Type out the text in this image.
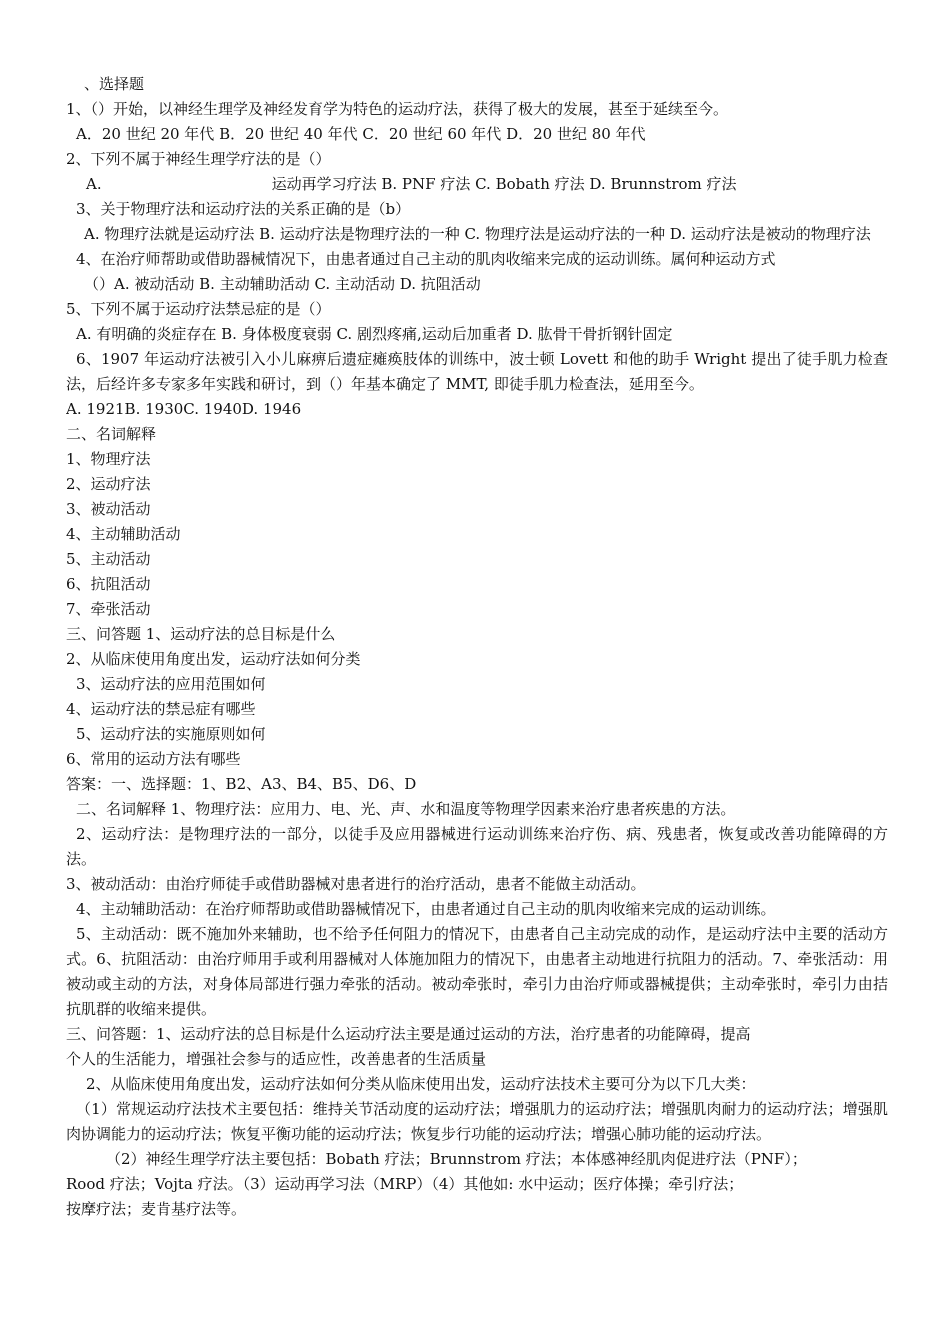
、选择题
1、（）开始，以神经生理学及神经发育学为特色的运动疗法，获得了极大的发展，甚至于延续至今。
A．20 世纪 20 年代 B．20 世纪 40 年代 C．20 世纪 60 年代 D．20 世纪 80 年代
2、下列不属于神经生理学疗法的是（）
A.	运动再学习疗法 B. PNF 疗法 C. Bobath 疗法 D. Brunnstrom 疗法
3、关于物理疗法和运动疗法的关系正确的是（b）
A. 物理疗法就是运动疗法 B. 运动疗法是物理疗法的一种 C. 物理疗法是运动疗法的一种 D. 运动疗法是被动的物理疗法
4、在治疗师帮助或借助器械情况下，由患者通过自己主动的肌肉收缩来完成的运动训练。属何种运动方式
（）A. 被动活动 B. 主动辅助活动 C. 主动活动 D. 抗阻活动
5、下列不属于运动疗法禁忌症的是（）
A. 有明确的炎症存在 B. 身体极度衰弱 C. 剧烈疼痛,运动后加重者 D. 肱骨干骨折钢针固定
6、1907 年运动疗法被引入小儿麻痹后遗症瘫痪肢体的训练中，波士顿 Lovett 和他的助手 Wright 提出了徒手肌力检查法，后经许多专家多年实践和研讨，到（）年基本确定了 MMT, 即徒手肌力检查法，延用至今。
A. 1921B. 1930C. 1940D. 1946
二、名词解释
1、物理疗法
2、运动疗法
3、被动活动
4、主动辅助活动
5、主动活动
6、抗阻活动
7、牵张活动
三、问答题 1、运动疗法的总目标是什么
2、从临床使用角度出发，运动疗法如何分类
3、运动疗法的应用范围如何
4、运动疗法的禁忌症有哪些
5、运动疗法的实施原则如何
6、常用的运动方法有哪些
答案：一、选择题：1、B2、A3、B4、B5、D6、D
二、名词解释 1、物理疗法：应用力、电、光、声、水和温度等物理学因素来治疗患者疾患的方法。
2、运动疗法：是物理疗法的一部分，以徒手及应用器械进行运动训练来治疗伤、病、残患者，恢复或改善功能障碍的方法。
3、被动活动：由治疗师徒手或借助器械对患者进行的治疗活动，患者不能做主动活动。
4、主动辅助活动：在治疗师帮助或借助器械情况下，由患者通过自己主动的肌肉收缩来完成的运动训练。
5、主动活动：既不施加外来辅助，也不给予任何阻力的情况下，由患者自己主动完成的动作，是运动疗法中主要的活动方式。6、抗阻活动：由治疗师用手或利用器械对人体施加阻力的情况下，由患者主动地进行抗阻力的活动。7、牵张活动：用被动或主动的方法，对身体局部进行强力牵张的活动。被动牵张时，牵引力由治疗师或器械提供；主动牵张时，牵引力由拮抗肌群的收缩来提供。
三、问答题：1、运动疗法的总目标是什么运动疗法主要是通过运动的方法，治疗患者的功能障碍，提高
个人的生活能力，增强社会参与的适应性，改善患者的生活质量
2、从临床使用角度出发，运动疗法如何分类从临床使用出发，运动疗法技术主要可分为以下几大类：
（1）常规运动疗法技术主要包括：维持关节活动度的运动疗法；增强肌力的运动疗法；增强肌肉耐力的运动疗法；增强肌肉协调能力的运动疗法；恢复平衡功能的运动疗法；恢复步行功能的运动疗法；增强心肺功能的运动疗法。
（2）神经生理学疗法主要包括：Bobath 疗法；Brunnstrom 疗法；本体感神经肌肉促进疗法（PNF）；
Rood 疗法；Vojta 疗法。（3）运动再学习法（MRP）（4）其他如: 水中运动；医疗体操；牵引疗法；
按摩疗法；麦肯基疗法等。
